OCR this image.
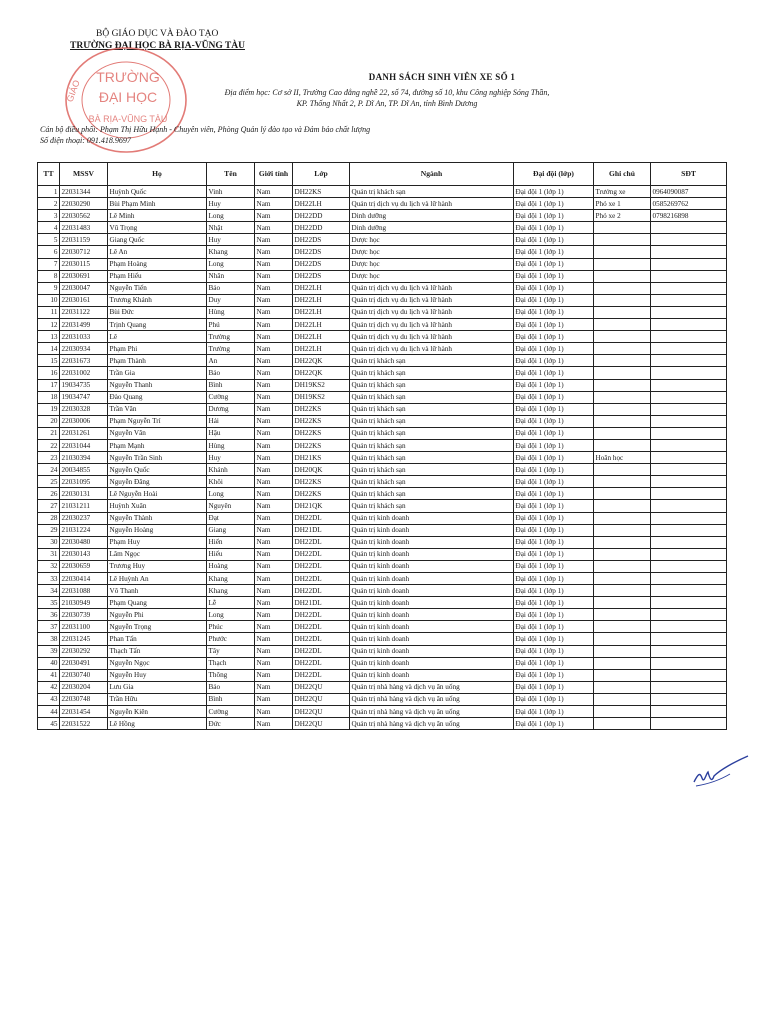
BỘ GIÁO DỤC VÀ ĐÀO TẠO
TRƯỜNG ĐẠI HỌC BÀ RỊA-VŨNG TÀU
GIÁO
TRƯỜNG
ĐẠI HỌC
BÀ RỊA-VŨNG TÀU
DANH SÁCH SINH VIÊN XE SỐ 1
Địa điểm học: Cơ sở II, Trường Cao đẳng nghề 22, số 74, đường số 10, khu Công nghiệp Sóng Thần,
KP. Thống Nhất 2, P. Dĩ An, TP. Dĩ An, tỉnh Bình Dương
Cán bộ điều phối: Phạm Thị Hữu Hạnh - Chuyên viên, Phòng Quản lý đào tạo và Đảm bảo chất lượng
Số điện thoại: 091.418.9697
TT	MSSV	Họ	Tên	Giới tính	Lớp	Ngành	Đại đội (lớp)	Ghi chú	SĐT
1	22031344	Huỳnh Quốc	Vinh	Nam	DH22KS	Quản trị khách sạn	Đại đội 1 (lớp 1)	Trưởng xe	0964090087
2	22030290	Bùi Phạm Minh	Huy	Nam	DH22LH	Quản trị dịch vụ du lịch và lữ hành	Đại đội 1 (lớp 1)	Phó xe 1	0585269762
3	22030562	Lê Minh	Long	Nam	DH22DD	Dinh dưỡng	Đại đội 1 (lớp 1)	Phó xe 2	0798216898
4	22031483	Vũ Trọng	Nhật	Nam	DH22DD	Dinh dưỡng	Đại đội 1 (lớp 1)		
5	22031159	Giang Quốc	Huy	Nam	DH22DS	Dược học	Đại đội 1 (lớp 1)		
6	22030712	Lê An	Khang	Nam	DH22DS	Dược học	Đại đội 1 (lớp 1)		
7	22030115	Phạm Hoàng	Long	Nam	DH22DS	Dược học	Đại đội 1 (lớp 1)		
8	22030691	Phạm Hiếu	Nhân	Nam	DH22DS	Dược học	Đại đội 1 (lớp 1)		
9	22030047	Nguyễn Tiến	Bảo	Nam	DH22LH	Quản trị dịch vụ du lịch và lữ hành	Đại đội 1 (lớp 1)		
10	22030161	Trương Khánh	Duy	Nam	DH22LH	Quản trị dịch vụ du lịch và lữ hành	Đại đội 1 (lớp 1)		
11	22031122	Bùi Đức	Hùng	Nam	DH22LH	Quản trị dịch vụ du lịch và lữ hành	Đại đội 1 (lớp 1)		
12	22031499	Trịnh Quang	Phú	Nam	DH22LH	Quản trị dịch vụ du lịch và lữ hành	Đại đội 1 (lớp 1)		
13	22031033	Lê	Trường	Nam	DH22LH	Quản trị dịch vụ du lịch và lữ hành	Đại đội 1 (lớp 1)		
14	22030934	Phạm Phi	Trường	Nam	DH22LH	Quản trị dịch vụ du lịch và lữ hành	Đại đội 1 (lớp 1)		
15	22031673	Phạm Thành	An	Nam	DH22QK	Quản trị khách sạn	Đại đội 1 (lớp 1)		
16	22031002	Trần Gia	Bảo	Nam	DH22QK	Quản trị khách sạn	Đại đội 1 (lớp 1)		
17	19034735	Nguyễn Thanh	Bình	Nam	DH19KS2	Quản trị khách sạn	Đại đội 1 (lớp 1)		
18	19034747	Đào Quang	Cường	Nam	DH19KS2	Quản trị khách sạn	Đại đội 1 (lớp 1)		
19	22030328	Trần Văn	Dương	Nam	DH22KS	Quản trị khách sạn	Đại đội 1 (lớp 1)		
20	22030006	Phạm Nguyễn Trí	Hải	Nam	DH22KS	Quản trị khách sạn	Đại đội 1 (lớp 1)		
21	22031261	Nguyễn Văn	Hậu	Nam	DH22KS	Quản trị khách sạn	Đại đội 1 (lớp 1)		
22	22031044	Phạm Mạnh	Hùng	Nam	DH22KS	Quản trị khách sạn	Đại đội 1 (lớp 1)		
23	21030394	Nguyễn Trần Sinh	Huy	Nam	DH21KS	Quản trị khách sạn	Đại đội 1 (lớp 1)	Hoãn học	
24	20034855	Nguyễn Quốc	Khánh	Nam	DH20QK	Quản trị khách sạn	Đại đội 1 (lớp 1)		
25	22031095	Nguyễn Đăng	Khôi	Nam	DH22KS	Quản trị khách sạn	Đại đội 1 (lớp 1)		
26	22030131	Lê Nguyễn Hoài	Long	Nam	DH22KS	Quản trị khách sạn	Đại đội 1 (lớp 1)		
27	21031211	Huỳnh Xuân	Nguyên	Nam	DH21QK	Quản trị khách sạn	Đại đội 1 (lớp 1)		
28	22030237	Nguyễn Thành	Đạt	Nam	DH22DL	Quản trị kinh doanh	Đại đội 1 (lớp 1)		
29	21031224	Nguyễn Hoàng	Giang	Nam	DH21DL	Quản trị kinh doanh	Đại đội 1 (lớp 1)		
30	22030480	Phạm Huy	Hiển	Nam	DH22DL	Quản trị kinh doanh	Đại đội 1 (lớp 1)		
31	22030143	Lâm Ngọc	Hiếu	Nam	DH22DL	Quản trị kinh doanh	Đại đội 1 (lớp 1)		
32	22030659	Trương Huy	Hoàng	Nam	DH22DL	Quản trị kinh doanh	Đại đội 1 (lớp 1)		
33	22030414	Lê Huỳnh An	Khang	Nam	DH22DL	Quản trị kinh doanh	Đại đội 1 (lớp 1)		
34	22031088	Võ Thanh	Khang	Nam	DH22DL	Quản trị kinh doanh	Đại đội 1 (lớp 1)		
35	21030949	Phạm Quang	Lễ	Nam	DH21DL	Quản trị kinh doanh	Đại đội 1 (lớp 1)		
36	22030739	Nguyễn Phi	Long	Nam	DH22DL	Quản trị kinh doanh	Đại đội 1 (lớp 1)		
37	22031100	Nguyễn Trọng	Phúc	Nam	DH22DL	Quản trị kinh doanh	Đại đội 1 (lớp 1)		
38	22031245	Phan Tấn	Phước	Nam	DH22DL	Quản trị kinh doanh	Đại đội 1 (lớp 1)		
39	22030292	Thạch Tấn	Tây	Nam	DH22DL	Quản trị kinh doanh	Đại đội 1 (lớp 1)		
40	22030491	Nguyễn Ngọc	Thạch	Nam	DH22DL	Quản trị kinh doanh	Đại đội 1 (lớp 1)		
41	22030740	Nguyễn Huy	Thông	Nam	DH22DL	Quản trị kinh doanh	Đại đội 1 (lớp 1)		
42	22030204	Lưu Gia	Bảo	Nam	DH22QU	Quản trị nhà hàng và dịch vụ ăn uống	Đại đội 1 (lớp 1)		
43	22030748	Trần Hữu	Bình	Nam	DH22QU	Quản trị nhà hàng và dịch vụ ăn uống	Đại đội 1 (lớp 1)		
44	22031454	Nguyễn Kiên	Cường	Nam	DH22QU	Quản trị nhà hàng và dịch vụ ăn uống	Đại đội 1 (lớp 1)		
45	22031522	Lê Hồng	Đức	Nam	DH22QU	Quản trị nhà hàng và dịch vụ ăn uống	Đại đội 1 (lớp 1)		
